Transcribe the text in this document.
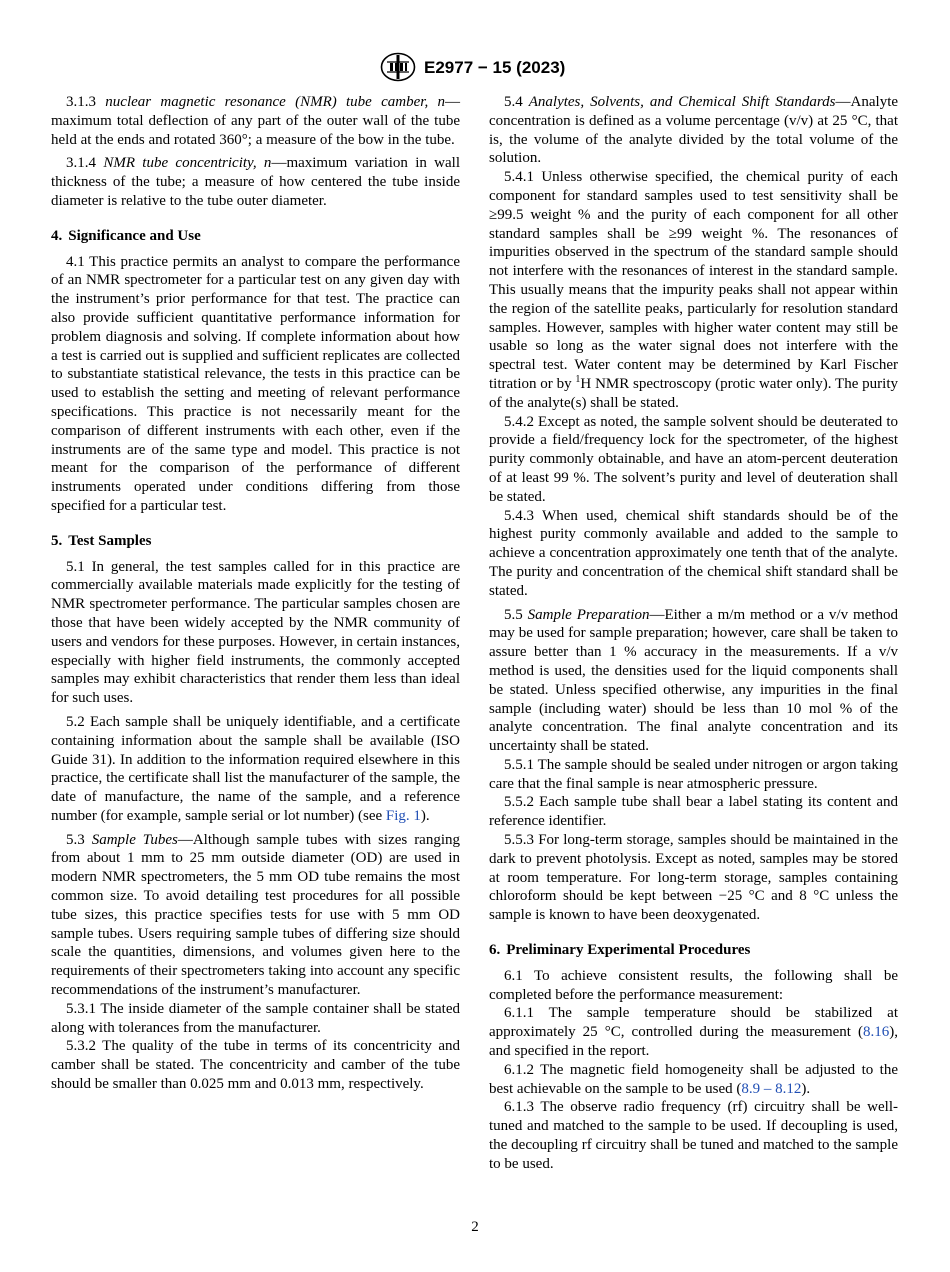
E2977 − 15 (2023)

3.1.3 nuclear magnetic resonance (NMR) tube camber, n—maximum total deflection of any part of the outer wall of the tube held at the ends and rotated 360°; a measure of the bow in the tube.

3.1.4 NMR tube concentricity, n—maximum variation in wall thickness of the tube; a measure of how centered the tube inside diameter is relative to the tube outer diameter.

4. Significance and Use

4.1 This practice permits an analyst to compare the performance of an NMR spectrometer for a particular test on any given day with the instrument’s prior performance for that test. The practice can also provide sufficient quantitative performance information for problem diagnosis and solving. If complete information about how a test is carried out is supplied and sufficient replicates are collected to substantiate statistical relevance, the tests in this practice can be used to establish the setting and meeting of relevant performance specifications. This practice is not necessarily meant for the comparison of different instruments with each other, even if the instruments are of the same type and model. This practice is not meant for the comparison of the performance of different instruments operated under conditions differing from those specified for a particular test.

5. Test Samples

5.1 In general, the test samples called for in this practice are commercially available materials made explicitly for the testing of NMR spectrometer performance. The particular samples chosen are those that have been widely accepted by the NMR community of users and vendors for these purposes. However, in certain instances, especially with higher field instruments, the commonly accepted samples may exhibit characteristics that render them less than ideal for such uses.

5.2 Each sample shall be uniquely identifiable, and a certificate containing information about the sample shall be available (ISO Guide 31). In addition to the information required elsewhere in this practice, the certificate shall list the manufacturer of the sample, the date of manufacture, the name of the sample, and a reference number (for example, sample serial or lot number) (see Fig. 1).

5.3 Sample Tubes—Although sample tubes with sizes ranging from about 1 mm to 25 mm outside diameter (OD) are used in modern NMR spectrometers, the 5 mm OD tube remains the most common size. To avoid detailing test procedures for all possible tube sizes, this practice specifies tests for use with 5 mm OD sample tubes. Users requiring sample tubes of differing size should scale the quantities, dimensions, and volumes given here to the requirements of their spectrometers taking into account any specific recommendations of the instrument’s manufacturer.

5.3.1 The inside diameter of the sample container shall be stated along with tolerances from the manufacturer.

5.3.2 The quality of the tube in terms of its concentricity and camber shall be stated. The concentricity and camber of the tube should be smaller than 0.025 mm and 0.013 mm, respectively.

5.4 Analytes, Solvents, and Chemical Shift Standards—Analyte concentration is defined as a volume percentage (v/v) at 25 °C, that is, the volume of the analyte divided by the total volume of the solution.

5.4.1 Unless otherwise specified, the chemical purity of each component for standard samples used to test sensitivity shall be ≥99.5 weight % and the purity of each component for all other standard samples shall be ≥99 weight %. The resonances of impurities observed in the spectrum of the standard sample should not interfere with the resonances of interest in the standard sample. This usually means that the impurity peaks shall not appear within the region of the satellite peaks, particularly for resolution standard samples. However, samples with higher water content may still be usable so long as the water signal does not interfere with the spectral test. Water content may be determined by Karl Fischer titration or by $^1$H NMR spectroscopy (protic water only). The purity of the analyte(s) shall be stated.

5.4.2 Except as noted, the sample solvent should be deuterated to provide a field/frequency lock for the spectrometer, of the highest purity commonly obtainable, and have an atom-percent deuteration of at least 99 %. The solvent’s purity and level of deuteration shall be stated.

5.4.3 When used, chemical shift standards should be of the highest purity commonly available and added to the sample to achieve a concentration approximately one tenth that of the analyte. The purity and concentration of the chemical shift standard shall be stated.

5.5 Sample Preparation—Either a m/m method or a v/v method may be used for sample preparation; however, care shall be taken to assure better than 1 % accuracy in the measurements. If a v/v method is used, the densities used for the liquid components shall be stated. Unless specified otherwise, any impurities in the final sample (including water) should be less than 10 mol % of the analyte concentration. The final analyte concentration and its uncertainty shall be stated.

5.5.1 The sample should be sealed under nitrogen or argon taking care that the final sample is near atmospheric pressure.

5.5.2 Each sample tube shall bear a label stating its content and reference identifier.

5.5.3 For long-term storage, samples should be maintained in the dark to prevent photolysis. Except as noted, samples may be stored at room temperature. For long-term storage, samples containing chloroform should be kept between −25 °C and 8 °C unless the sample is known to have been deoxygenated.

6. Preliminary Experimental Procedures

6.1 To achieve consistent results, the following shall be completed before the performance measurement:

6.1.1 The sample temperature should be stabilized at approximately 25 °C, controlled during the measurement (8.16), and specified in the report.

6.1.2 The magnetic field homogeneity shall be adjusted to the best achievable on the sample to be used (8.9 – 8.12).

6.1.3 The observe radio frequency (rf) circuitry shall be well-tuned and matched to the sample to be used. If decoupling is used, the decoupling rf circuitry shall be tuned and matched to the sample to be used.

2
